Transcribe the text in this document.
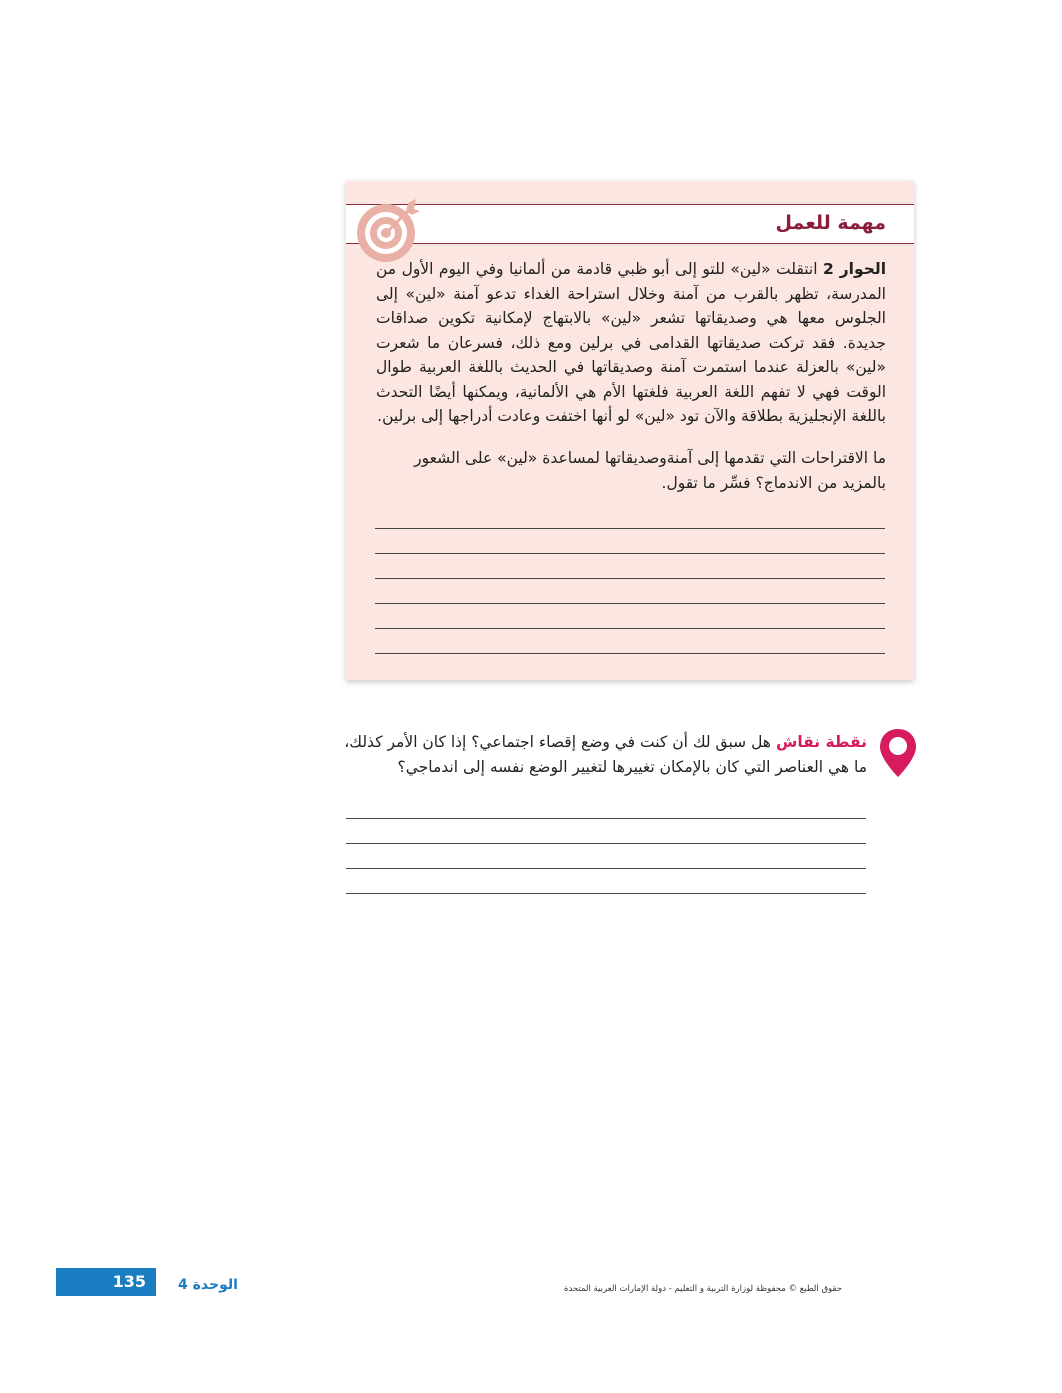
مهمة للعمل
الحوار 2 انتقلت «لين» للتو إلى أبو ظبي قادمة من ألمانيا وفي اليوم الأول من المدرسة، تظهر بالقرب من آمنة وخلال استراحة الغداء تدعو آمنة «لين» إلى الجلوس معها هي وصديقاتها تشعر «لين» بالابتهاج لإمكانية تكوين صداقات جديدة. فقد تركت صديقاتها القدامى في برلين ومع ذلك، فسرعان ما شعرت «لين» بالعزلة عندما استمرت آمنة وصديقاتها في الحديث باللغة العربية طوال الوقت فهي لا تفهم اللغة العربية فلغتها الأم هي الألمانية، ويمكنها أيضًا التحدث باللغة الإنجليزية بطلاقة والآن تود «لين» لو أنها اختفت وعادت أدراجها إلى برلين.
ما الاقتراحات التي تقدمها إلى آمنةوصديقاتها لمساعدة «لين» على الشعور بالمزيد من الاندماج؟ فسِّر ما تقول.
نقطة نقاش هل سبق لك أن كنت في وضع إقصاء اجتماعي؟ إذا كان الأمر كذلك، ما هي العناصر التي كان بالإمكان تغييرها لتغيير الوضع نفسه إلى اندماجي؟
135 الوحدة 4	حقوق الطبع © محفوظة لوزارة التربية و التعليم - دولة الإمارات العربية المتحدة
